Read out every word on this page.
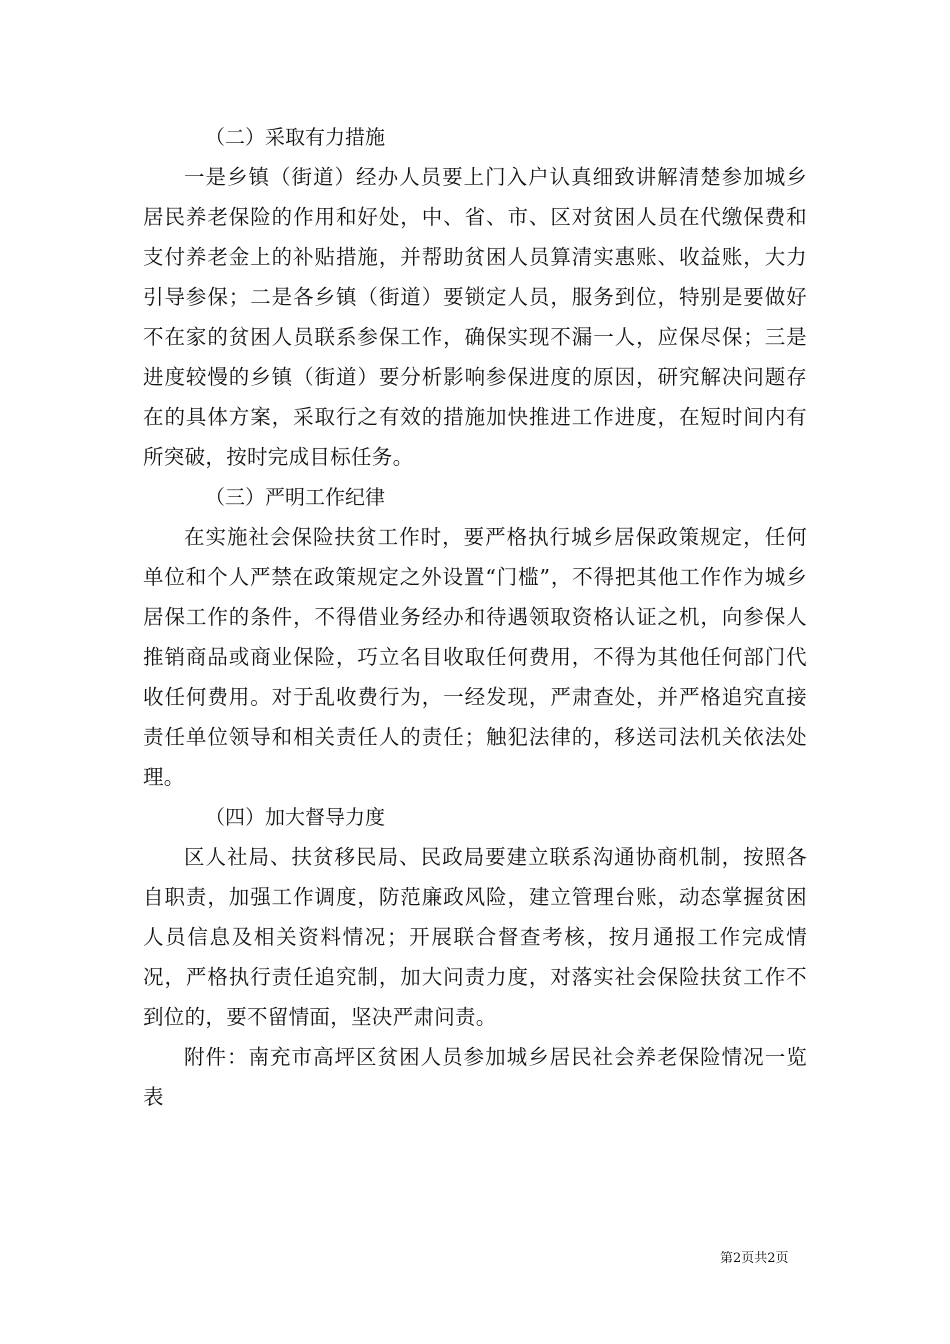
（二）采取有力措施

一是乡镇（街道）经办人员要上门入户认真细致讲解清楚参加城乡居民养老保险的作用和好处，中、省、市、区对贫困人员在代缴保费和支付养老金上的补贴措施，并帮助贫困人员算清实惠账、收益账，大力引导参保；二是各乡镇（街道）要锁定人员，服务到位，特别是要做好不在家的贫困人员联系参保工作，确保实现不漏一人，应保尽保；三是进度较慢的乡镇（街道）要分析影响参保进度的原因，研究解决问题存在的具体方案，采取行之有效的措施加快推进工作进度，在短时间内有所突破，按时完成目标任务。

（三）严明工作纪律

在实施社会保险扶贫工作时，要严格执行城乡居保政策规定，任何单位和个人严禁在政策规定之外设置“门槛”，不得把其他工作作为城乡居保工作的条件，不得借业务经办和待遇领取资格认证之机，向参保人推销商品或商业保险，巧立名目收取任何费用，不得为其他任何部门代收任何费用。对于乱收费行为，一经发现，严肃查处，并严格追究直接责任单位领导和相关责任人的责任；触犯法律的，移送司法机关依法处理。

（四）加大督导力度

区人社局、扶贫移民局、民政局要建立联系沟通协商机制，按照各自职责，加强工作调度，防范廉政风险，建立管理台账，动态掌握贫困人员信息及相关资料情况；开展联合督查考核，按月通报工作完成情况，严格执行责任追究制，加大问责力度，对落实社会保险扶贫工作不到位的，要不留情面，坚决严肃问责。

附件：南充市高坪区贫困人员参加城乡居民社会养老保险情况一览表

第2页共2页
